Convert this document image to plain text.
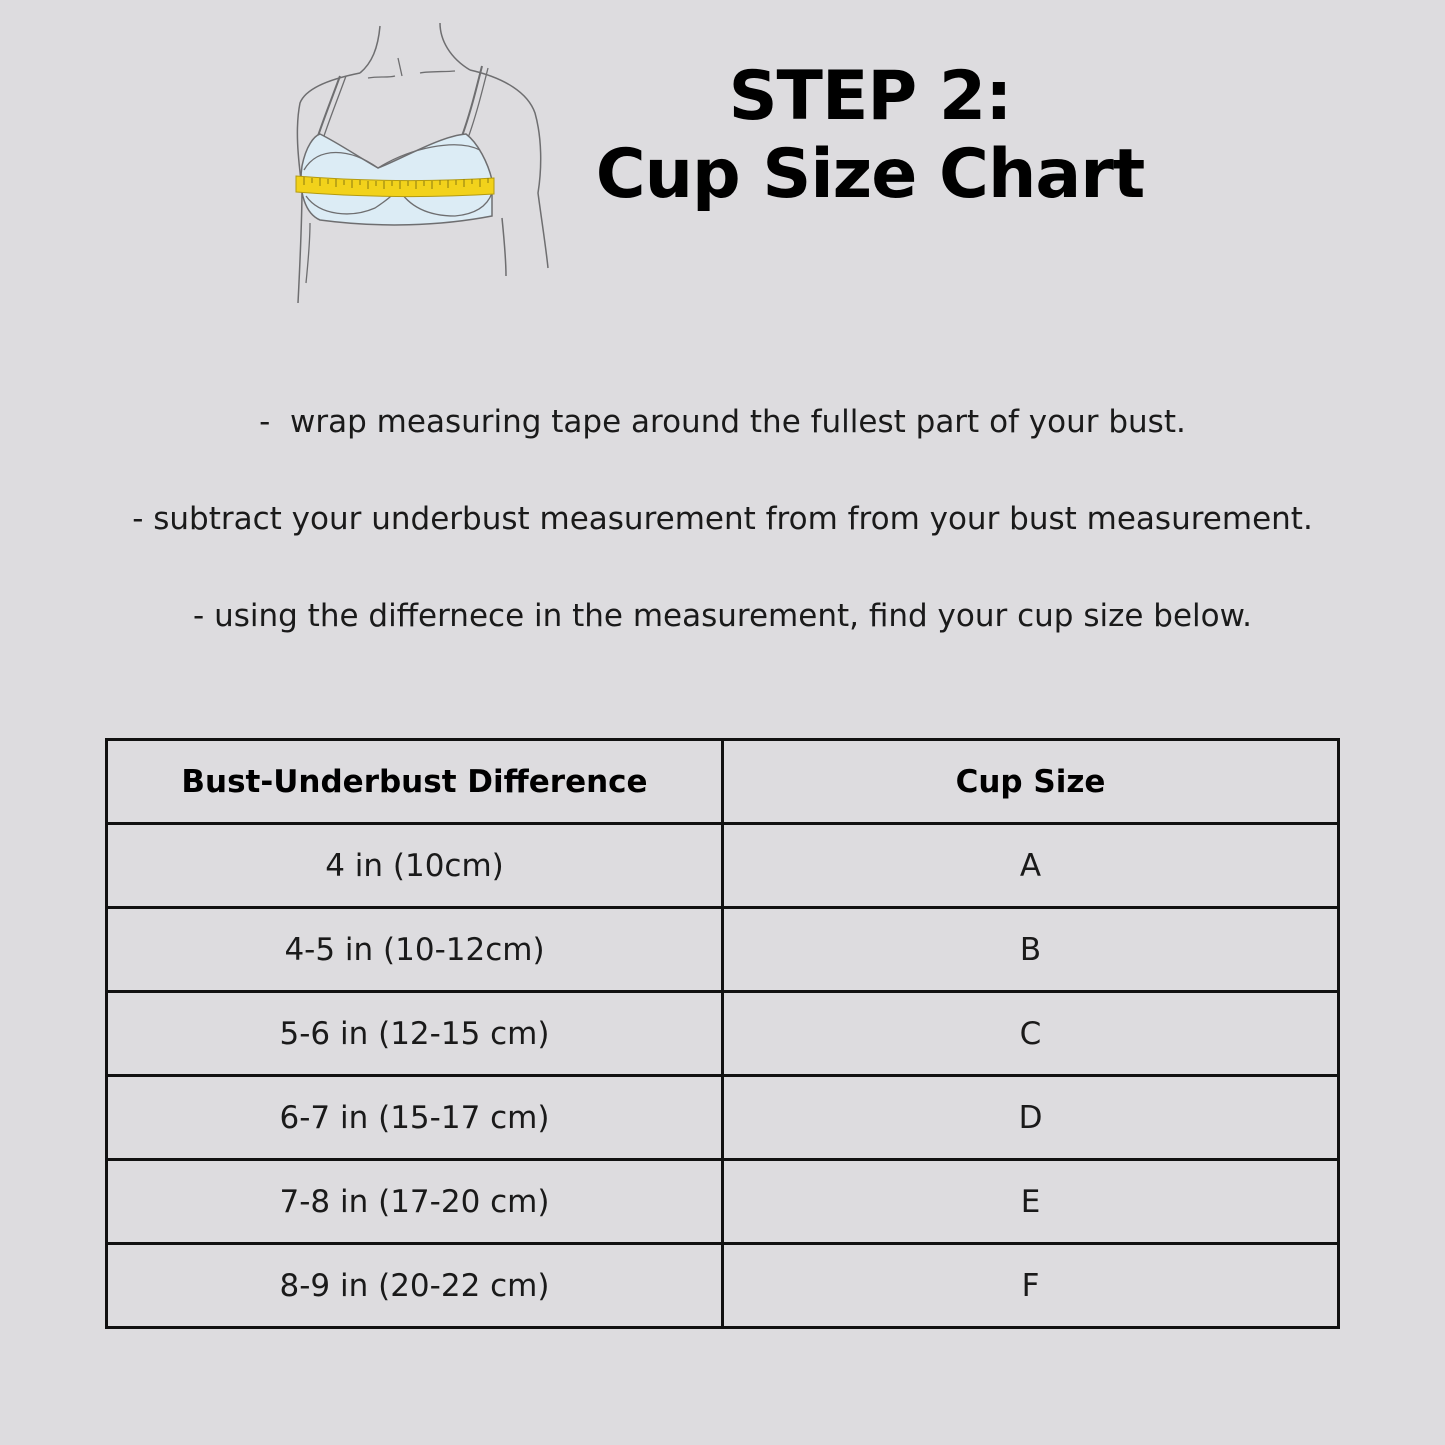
STEP 2:
Cup Size Chart

-  wrap measuring tape around the fullest part of your bust.

- subtract your underbust measurement from from your bust measurement.

- using the differnece in the measurement, find your cup size below.

Bust-Underbust Difference	Cup Size
4 in (10cm)	A
4-5 in (10-12cm)	B
5-6 in (12-15 cm)	C
6-7 in (15-17 cm)	D
7-8 in (17-20 cm)	E
8-9 in (20-22 cm)	F
